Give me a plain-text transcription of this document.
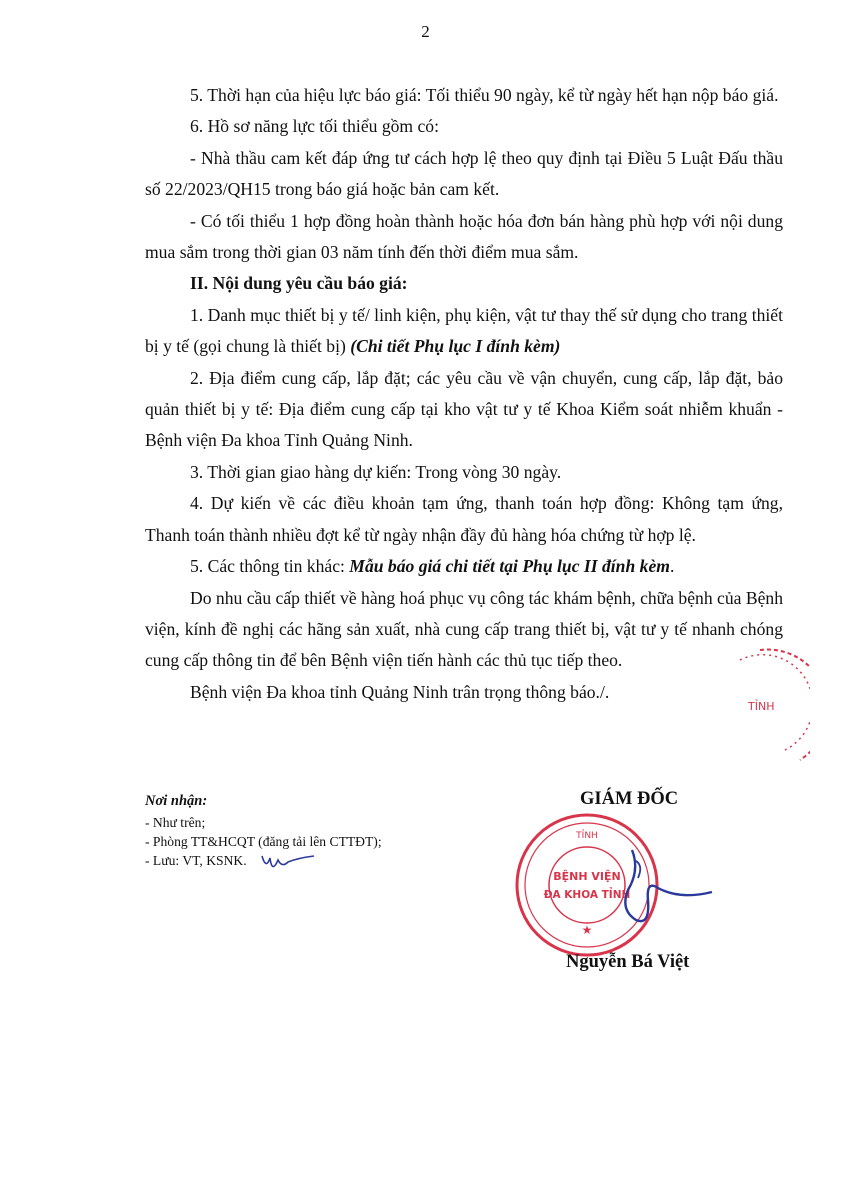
2

5. Thời hạn của hiệu lực báo giá: Tối thiểu 90 ngày, kể từ ngày hết hạn nộp báo giá.

6. Hồ sơ năng lực tối thiểu gồm có:

- Nhà thầu cam kết đáp ứng tư cách hợp lệ theo quy định tại Điều 5 Luật Đấu thầu số 22/2023/QH15 trong báo giá hoặc bản cam kết.

- Có tối thiểu 1 hợp đồng hoàn thành hoặc hóa đơn bán hàng phù hợp với nội dung mua sắm trong thời gian 03 năm tính đến thời điểm mua sắm.

II. Nội dung yêu cầu báo giá:

1. Danh mục thiết bị y tế/ linh kiện, phụ kiện, vật tư thay thế sử dụng cho trang thiết bị y tế (gọi chung là thiết bị) (Chi tiết Phụ lục I đính kèm)

2. Địa điểm cung cấp, lắp đặt; các yêu cầu về vận chuyển, cung cấp, lắp đặt, bảo quản thiết bị y tế: Địa điểm cung cấp tại kho vật tư y tế Khoa Kiểm soát nhiễm khuẩn - Bệnh viện Đa khoa Tỉnh Quảng Ninh.

3. Thời gian giao hàng dự kiến: Trong vòng 30 ngày.

4. Dự kiến về các điều khoản tạm ứng, thanh toán hợp đồng: Không tạm ứng, Thanh toán thành nhiều đợt kể từ ngày nhận đầy đủ hàng hóa chứng từ hợp lệ.

5. Các thông tin khác: Mẫu báo giá chi tiết tại Phụ lục II đính kèm.

Do nhu cầu cấp thiết về hàng hoá phục vụ công tác khám bệnh, chữa bệnh của Bệnh viện, kính đề nghị các hãng sản xuất, nhà cung cấp trang thiết bị, vật tư y tế nhanh chóng cung cấp thông tin để bên Bệnh viện tiến hành các thủ tục tiếp theo.

Bệnh viện Đa khoa tỉnh Quảng Ninh trân trọng thông báo./.

TỈNH
Nơi nhận:
- Như trên;
- Phòng TT&HCQT (đăng tải lên CTTĐT);
- Lưu: VT, KSNK.
GIÁM ĐỐC
TỈNH
BỆNH VIỆN
ĐA KHOA TỈNH
★
Nguyễn Bá Việt
